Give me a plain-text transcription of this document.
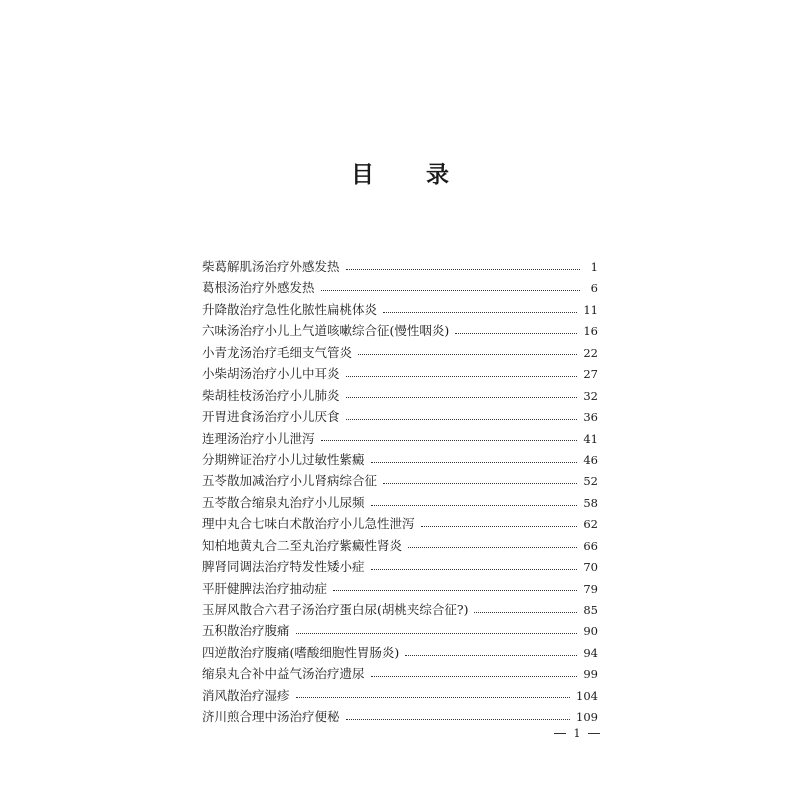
目 录
柴葛解肌汤治疗外感发热	1
葛根汤治疗外感发热	6
升降散治疗急性化脓性扁桃体炎	11
六味汤治疗小儿上气道咳嗽综合征(慢性咽炎)	16
小青龙汤治疗毛细支气管炎	22
小柴胡汤治疗小儿中耳炎	27
柴胡桂枝汤治疗小儿肺炎	32
开胃进食汤治疗小儿厌食	36
连理汤治疗小儿泄泻	41
分期辨证治疗小儿过敏性紫癜	46
五苓散加减治疗小儿肾病综合征	52
五苓散合缩泉丸治疗小儿尿频	58
理中丸合七味白术散治疗小儿急性泄泻	62
知柏地黄丸合二至丸治疗紫癜性肾炎	66
脾肾同调法治疗特发性矮小症	70
平肝健脾法治疗抽动症	79
玉屏风散合六君子汤治疗蛋白尿(胡桃夹综合征?)	85
五积散治疗腹痛	90
四逆散治疗腹痛(嗜酸细胞性胃肠炎)	94
缩泉丸合补中益气汤治疗遗尿	99
消风散治疗湿疹	104
济川煎合理中汤治疗便秘	109
1
